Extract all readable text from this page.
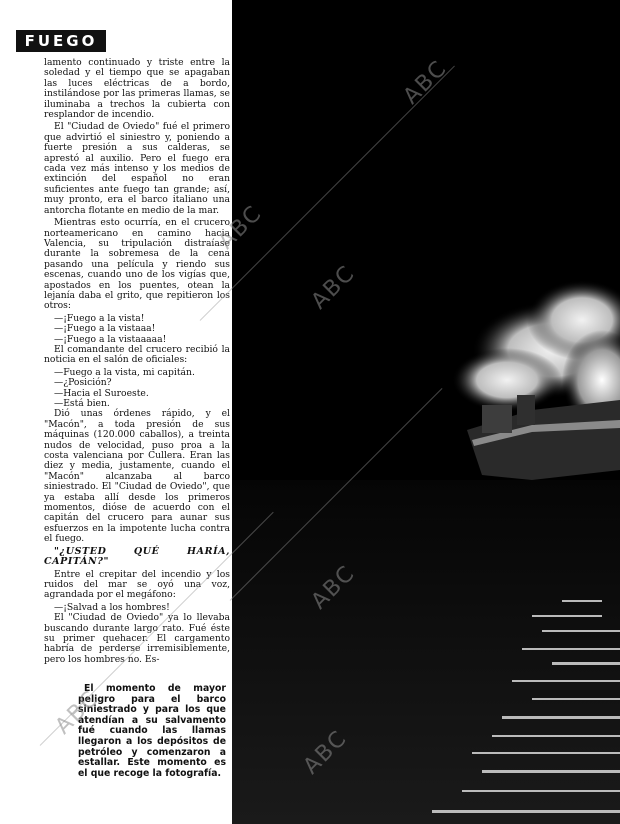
FUEGO

lamento continuado y triste entre la soledad y el tiempo que se apagaban las luces eléctricas de a bordo, instilándose por las primeras llamas, se iluminaba a trechos la cubierta con resplandor de incendio.

El "Ciudad de Oviedo" fué el primero que advirtió el siniestro y, poniendo a fuerte presión a sus calderas, se aprestó al auxilio. Pero el fuego era cada vez más intenso y los medios de extinción del español no eran suficientes ante fuego tan grande; así, muy pronto, era el barco italiano una antorcha flotante en medio de la mar.

Mientras esto ocurría, en el crucero norteamericano en camino hacia Valencia, su tripulación distraíase durante la sobremesa de la cena pasando una película y riendo sus escenas, cuando uno de los vigías que, apostados en los puentes, otean la lejanía daba el grito, que repitieron los otros:

—¡Fuego a la vista!

—¡Fuego a la vistaaa!

—¡Fuego a la vistaaaaa!

El comandante del crucero recibió la noticia en el salón de oficiales:

—Fuego a la vista, mi capitán.

—¿Posición?

—Hacia el Suroeste.

—Está bien.

Dió unas órdenes rápido, y el "Macón", a toda presión de sus máquinas (120.000 caballos), a treinta nudos de velocidad, puso proa a la costa valenciana por Cullera. Eran las diez y media, justamente, cuando el "Macón" alcanzaba al barco siniestrado. El "Ciudad de Oviedo", que ya estaba allí desde los primeros momentos, dióse de acuerdo con el capitán del crucero para aunar sus esfuerzos en la impotente lucha contra el fuego.

"¿USTED QUÉ HARÍA, CAPITÁN?"

Entre el crepitar del incendio y los ruidos del mar se oyó una voz, agrandada por el megáfono:

—¡Salvad a los hombres!

El "Ciudad de Oviedo" ya lo llevaba buscando durante largo rato. Fué éste su primer quehacer. El cargamento habría de perderse irremisiblemente, pero los hombres no. Es-

El momento de mayor peligro para el barco siniestrado y para los que atendían a su salvamento fué cuando las llamas llegaron a los depósitos de petróleo y comenzaron a estallar. Este momento es el que recoge la fotografía.

ABC
ABC
ABC
ABC
ABC
ABC
